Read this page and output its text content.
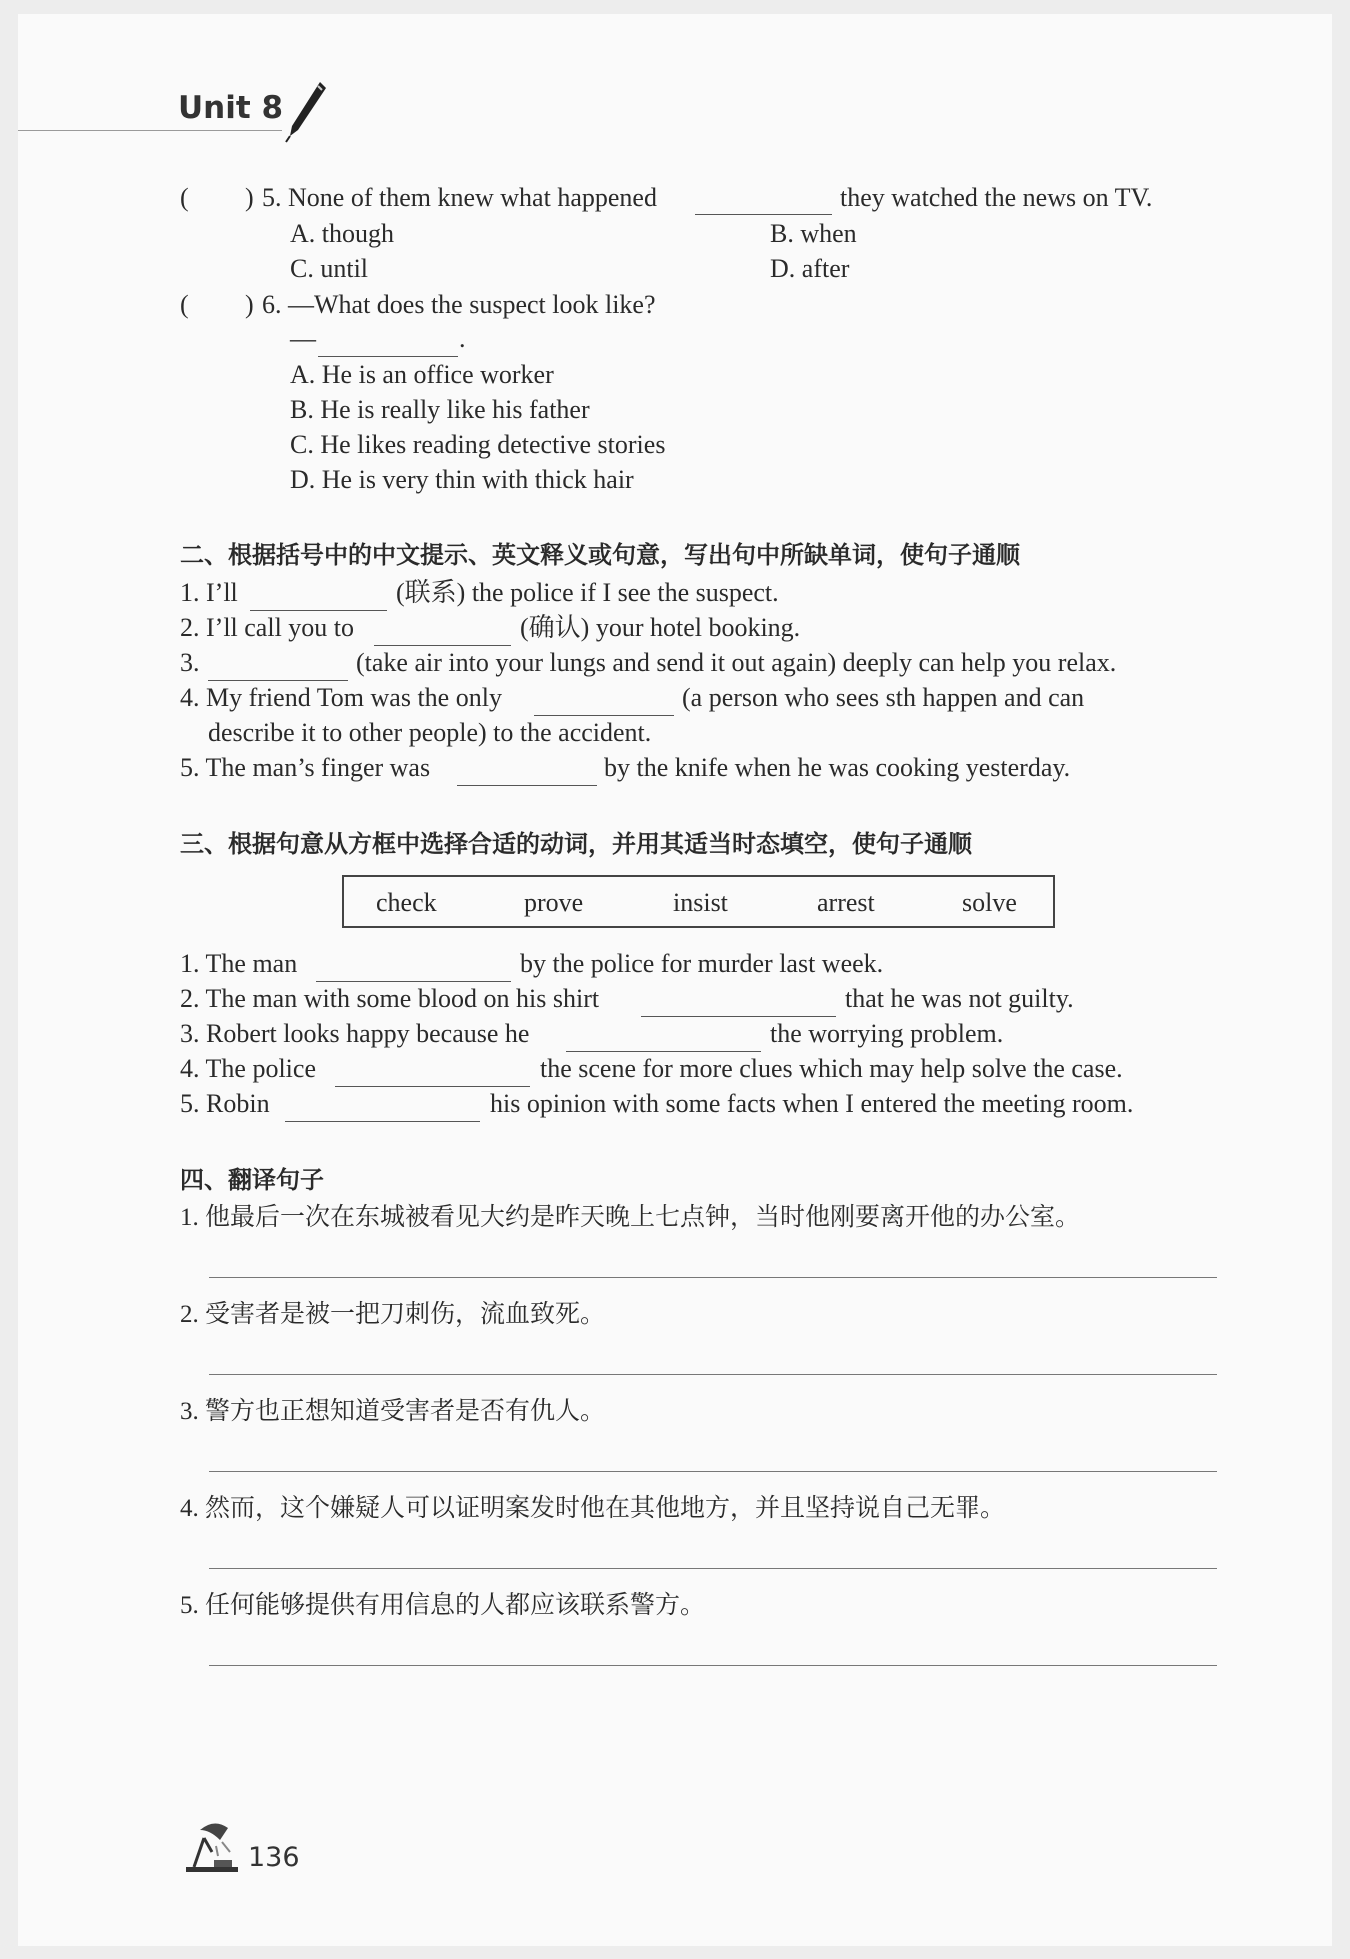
Unit 8
( ) 5. None of them knew what happened	they watched the news on TV.
A. though	B. when
C. until	D. after
( ) 6. —What does the suspect look like?
—	.
A. He is an office worker
B. He is really like his father
C. He likes reading detective stories
D. He is very thin with thick hair
二、根据括号中的中文提示、英文释义或句意，写出句中所缺单词，使句子通顺
1. I’ll	(联系) the police if I see the suspect.
2. I’ll call you to	(确认) your hotel booking.
3.	(take air into your lungs and send it out again) deeply can help you relax.
4. My friend Tom was the only	(a person who sees sth happen and can
describe it to other people) to the accident.
5. The man’s finger was	by the knife when he was cooking yesterday.
三、根据句意从方框中选择合适的动词，并用其适当时态填空，使句子通顺
check	prove	insist	arrest	solve
1. The man	by the police for murder last week.
2. The man with some blood on his shirt	that he was not guilty.
3. Robert looks happy because he	the worrying problem.
4. The police	the scene for more clues which may help solve the case.
5. Robin	his opinion with some facts when I entered the meeting room.
四、翻译句子
1. 他最后一次在东城被看见大约是昨天晚上七点钟，当时他刚要离开他的办公室。
2. 受害者是被一把刀刺伤，流血致死。
3. 警方也正想知道受害者是否有仇人。
4. 然而，这个嫌疑人可以证明案发时他在其他地方，并且坚持说自己无罪。
5. 任何能够提供有用信息的人都应该联系警方。
136
